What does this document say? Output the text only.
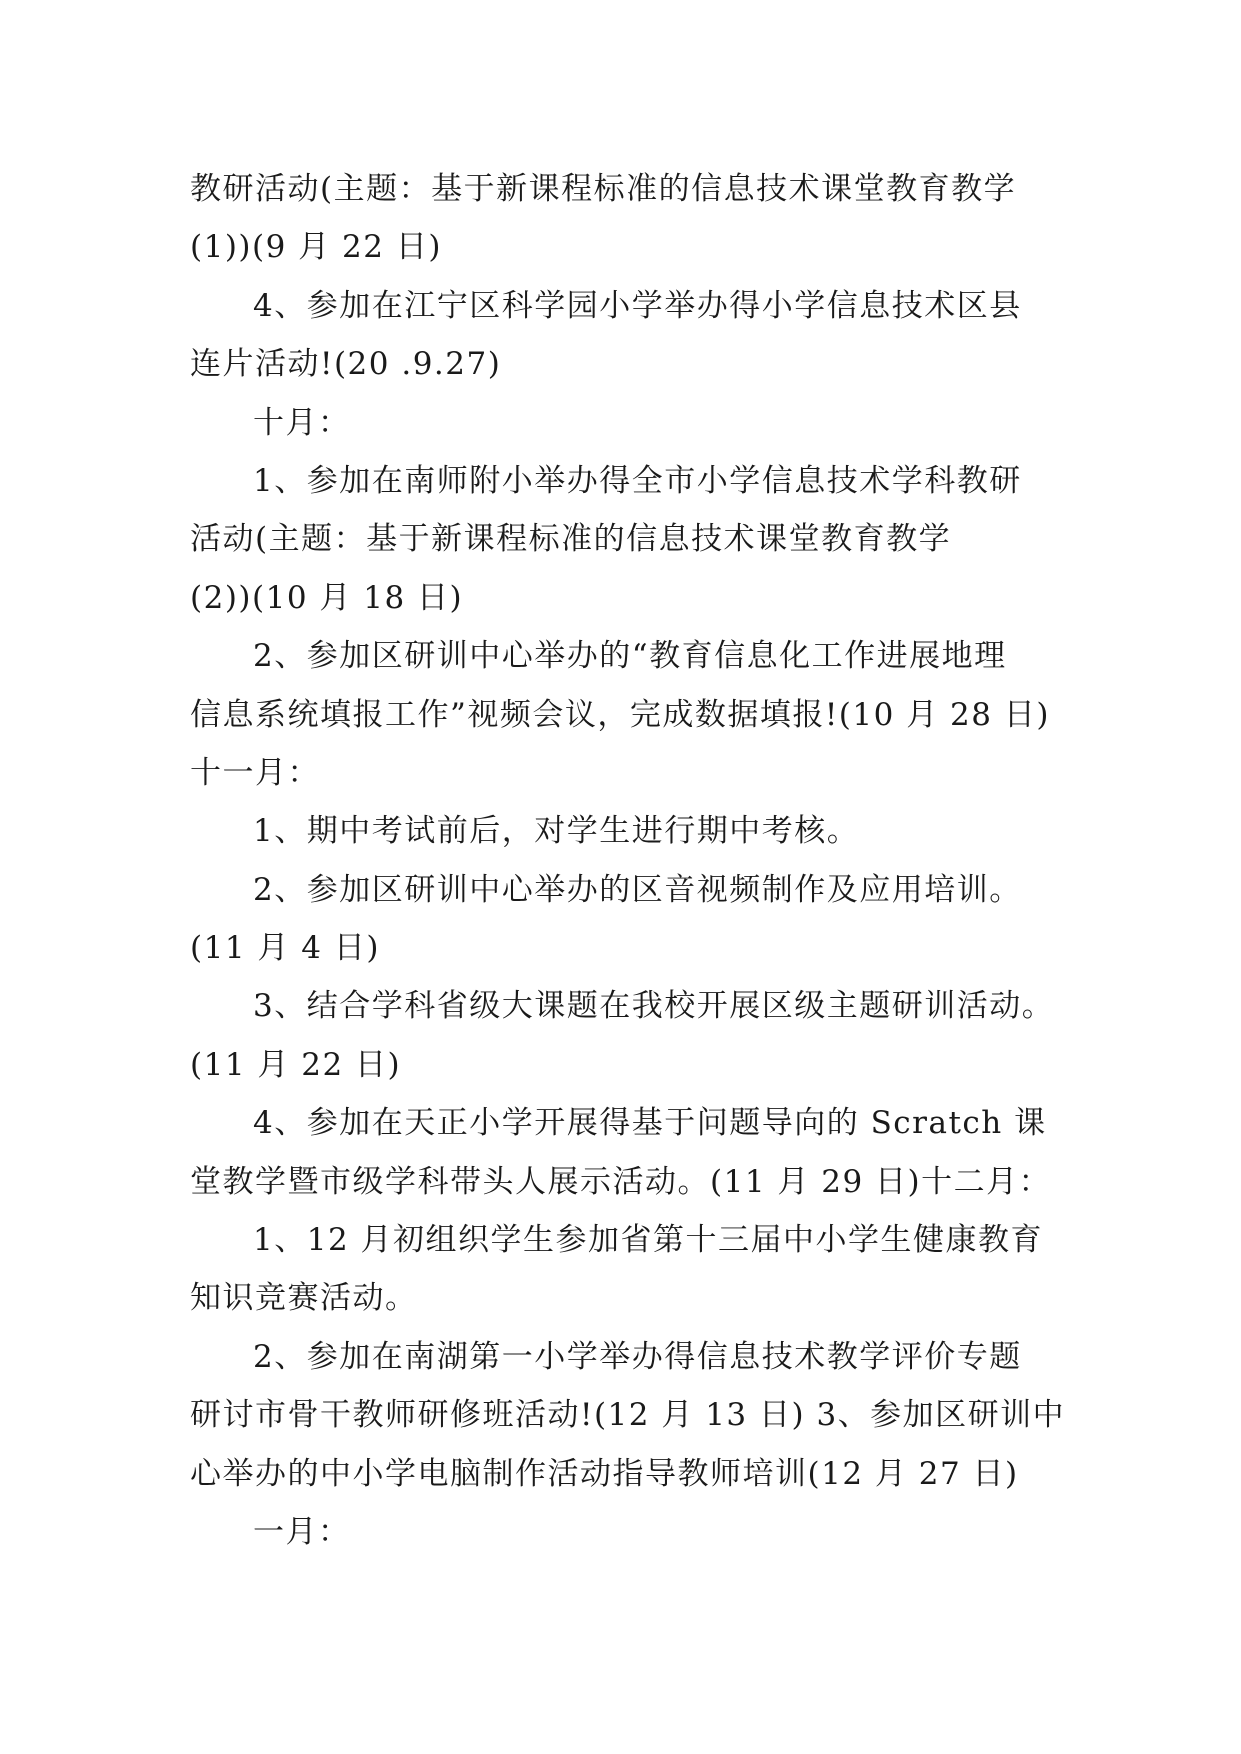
教研活动(主题：基于新课程标准的信息技术课堂教育教学
(1))(9 月 22 日)
4、参加在江宁区科学园小学举办得小学信息技术区县
连片活动!(20 .9.27)
十月：
1、参加在南师附小举办得全市小学信息技术学科教研
活动(主题：基于新课程标准的信息技术课堂教育教学
(2))(10 月 18 日)
2、参加区研训中心举办的“教育信息化工作进展地理
信息系统填报工作”视频会议，完成数据填报!(10 月 28 日)
十一月：
1、期中考试前后，对学生进行期中考核。
2、参加区研训中心举办的区音视频制作及应用培训。
(11 月 4 日)
3、结合学科省级大课题在我校开展区级主题研训活动。
(11 月 22 日)
4、参加在天正小学开展得基于问题导向的 Scratch 课
堂教学暨市级学科带头人展示活动。(11 月 29 日)十二月：
1、12 月初组织学生参加省第十三届中小学生健康教育
知识竞赛活动。
2、参加在南湖第一小学举办得信息技术教学评价专题
研讨市骨干教师研修班活动!(12 月 13 日) 3、参加区研训中
心举办的中小学电脑制作活动指导教师培训(12 月 27 日)
一月：
